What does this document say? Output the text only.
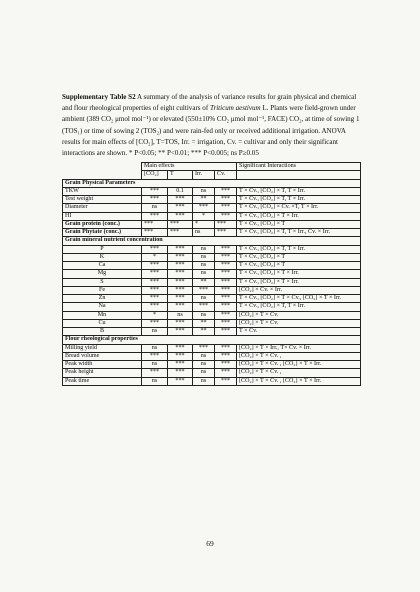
Supplementary Table S2 A summary of the analysis of variance results for grain physical and chemical and flour rheological properties of eight cultivars of Triticum aestivum L. Plants were field-grown under ambient (389 CO₂ μmol mol⁻¹) or elevated (550±10% CO₂ μmol mol⁻¹, FACE) CO₂, at time of sowing 1 (TOS₁) or time of sowing 2 (TOS₂) and were rain-fed only or received additional irrigation. ANOVA results for main effects of [CO₂], T=TOS, Irr. = irrigation, Cv. = cultivar and only their significant interactions are shown. * P<0.05; ** P<0.01; *** P<0.005; ns P≥0.05
	Main effects				Significant Interactions
	[CO₂]	T	Irr.	Cv.	
Grain Physical Parameters					
TKW	***	0.1	ns	***	T × Cv., [CO₂] × T, T × Irr.
Test weight	***	***	**	***	T × Cv., [CO₂] × T, T × Irr.
Diameter	ns	***	***	***	T × Cv., [CO₂] × Cv. ×T, T × Irr.
HI	***	***	*	***	T × Cv., [CO₂] × T × Irr.
Grain protein (conc.)	***	***	*	***	T × Cv., [CO₂] × T
Grain Phytate (conc.)	***	***	ns	***	T × Cv., [CO₂] × T, T × Irr., Cv. × Irr.
Grain mineral nutrient concentration					
P	***	***	ns	***	T × Cv., [CO₂] × T, T × Irr.
K	*	***	ns	***	T × Cv., [CO₂] × T
Ca	***	***	ns	***	T × Cv., [CO₂] × T
Mg	***	***	ns	***	T × Cv., [CO₂] × T × Irr.
S	***	***	**	***	T × Cv., [CO₂] × T × Irr.
Fe	***	***	***	***	[CO₂] × Cv. × Irr.
Zn	***	***	ns	***	T × Cv., [CO₂] × T × Cv., [CO₂] × T × Irr.
Na	***	***	***	***	T × Cv., [CO₂] × T, T × Irr.
Mn	*	ns	ns	***	[CO₂] × T × Cv.
Cu	***	***	**	***	[CO₂] × T × Cv.
B	ns	***	**	***	T × Cv.
Flour rheological properties					
Milling yield	ns	***	***	***	[CO₂] × T × Irr., T× Cv. × Irr.
Bread volume	***	***	ns	***	[CO₂] × T × Cv. ,
Peak width	ns	***	ns	***	[CO₂] × T × Cv. , [CO₂] × T × Irr.
Peak height	***	***	ns	***	[CO₂] × T × Cv. ,
Peak time	ns	***	ns	***	[CO₂] × T × Cv. , [CO₂] × T × Irr.
69
